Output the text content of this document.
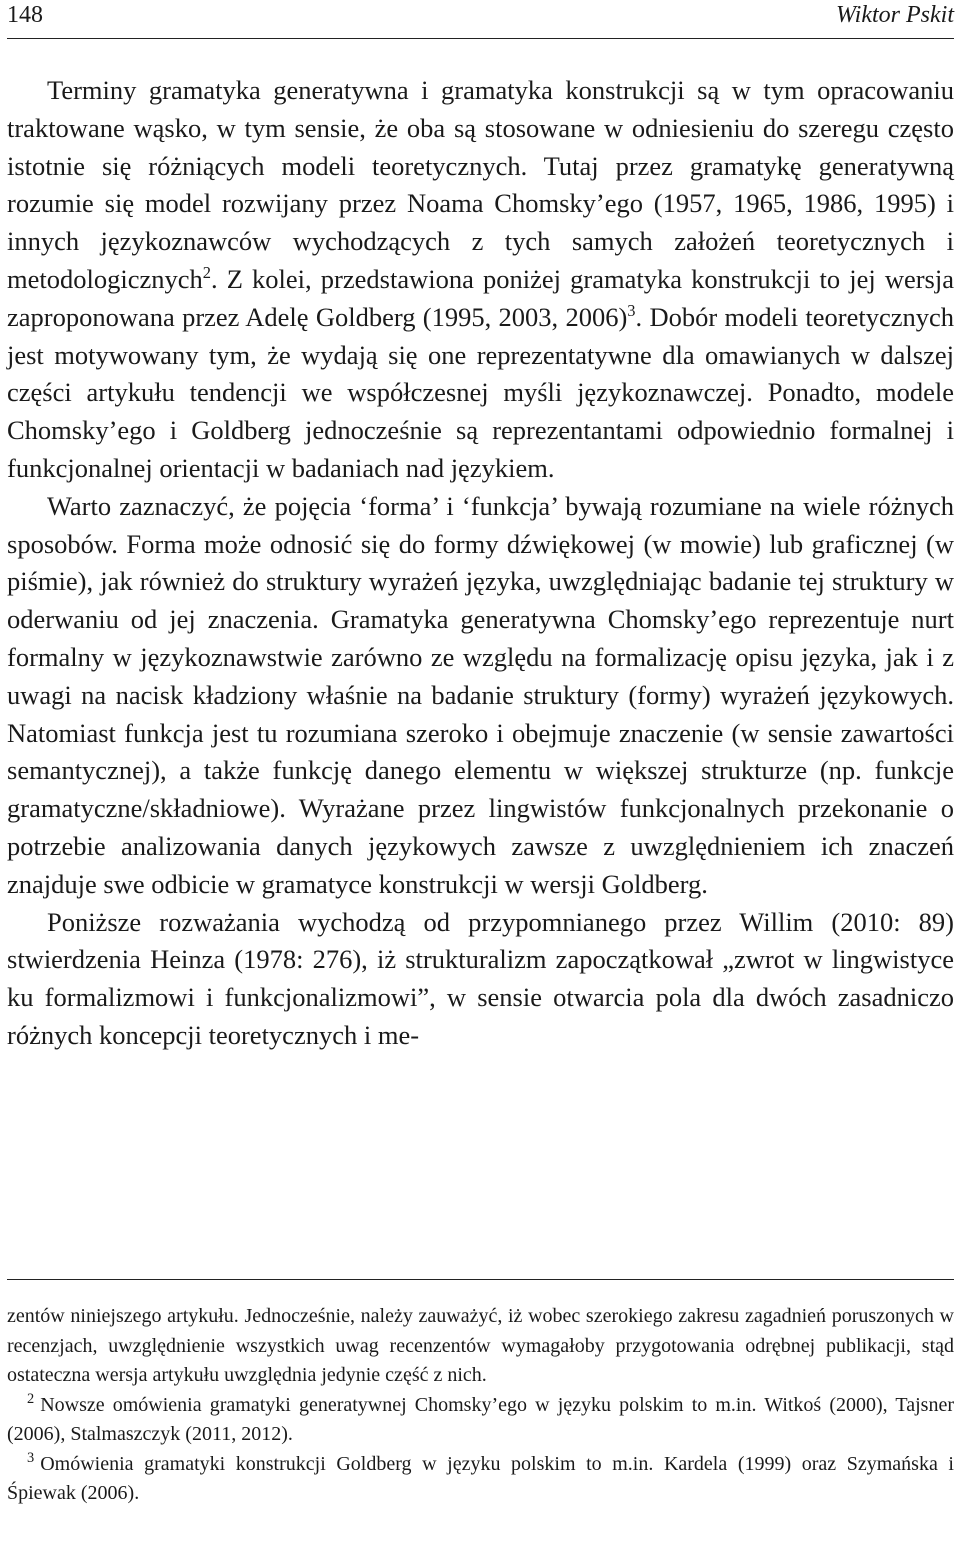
148	Wiktor Pskit

Terminy gramatyka generatywna i gramatyka konstrukcji są w tym opracowaniu traktowane wąsko, w tym sensie, że oba są stosowane w odniesieniu do szeregu często istotnie się różniących modeli teoretycznych. Tutaj przez gramatykę generatywną rozumie się model rozwijany przez Noama Chomsky’ego (1957, 1965, 1986, 1995) i innych językoznawców wychodzących z tych samych założeń teoretycznych i metodologicznych$^2$. Z kolei, przedstawiona poniżej gramatyka konstrukcji to jej wersja zaproponowana przez Adelę Goldberg (1995, 2003, 2006)$^3$. Dobór modeli teoretycznych jest motywowany tym, że wydają się one reprezentatywne dla omawianych w dalszej części artykułu tendencji we współczesnej myśli językoznawczej. Ponadto, modele Chomsky’ego i Goldberg jednocześnie są reprezentantami odpowiednio formalnej i funkcjonalnej orientacji w badaniach nad językiem.

Warto zaznaczyć, że pojęcia ‘forma’ i ‘funkcja’ bywają rozumiane na wiele różnych sposobów. Forma może odnosić się do formy dźwiękowej (w mowie) lub graficznej (w piśmie), jak również do struktury wyrażeń języka, uwzględniając badanie tej struktury w oderwaniu od jej znaczenia. Gramatyka generatywna Chomsky’ego reprezentuje nurt formalny w językoznawstwie zarówno ze względu na formalizację opisu języka, jak i z uwagi na nacisk kładziony właśnie na badanie struktury (formy) wyrażeń językowych. Natomiast funkcja jest tu rozumiana szeroko i obejmuje znaczenie (w sensie zawartości semantycznej), a także funkcję danego elementu w większej strukturze (np. funkcje gramatyczne/składniowe). Wyrażane przez lingwistów funkcjonalnych przekonanie o potrzebie analizowania danych językowych zawsze z uwzględnieniem ich znaczeń znajduje swe odbicie w gramatyce konstrukcji w wersji Goldberg.

Poniższe rozważania wychodzą od przypomnianego przez Willim (2010: 89) stwierdzenia Heinza (1978: 276), iż strukturalizm zapoczątkował „zwrot w lingwistyce ku formalizmowi i funkcjonalizmowi”, w sensie otwarcia pola dla dwóch zasadniczo różnych koncepcji teoretycznych i me-

zentów niniejszego artykułu. Jednocześnie, należy zauważyć, iż wobec szerokiego zakresu zagadnień poruszonych w recenzjach, uwzględnienie wszystkich uwag recenzentów wymagałoby przygotowania odrębnej publikacji, stąd ostateczna wersja artykułu uwzględnia jedynie część z nich.

$^2$ Nowsze omówienia gramatyki generatywnej Chomsky’ego w języku polskim to m.in. Witkoś (2000), Tajsner (2006), Stalmaszczyk (2011, 2012).

$^3$ Omówienia gramatyki konstrukcji Goldberg w języku polskim to m.in. Kardela (1999) oraz Szymańska i Śpiewak (2006).
